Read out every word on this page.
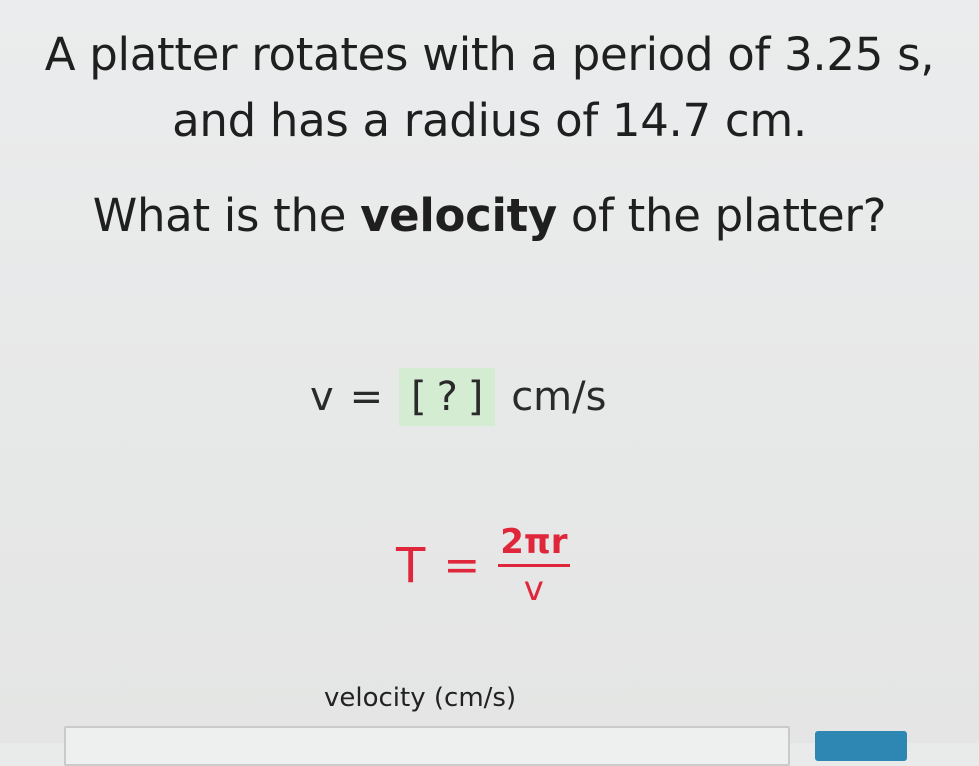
A platter rotates with a period of 3.25 s,
and has a radius of 14.7 cm.
What is the velocity of the platter?
v = [ ? ] cm/s
$T = \frac{2\pi r}{v}$
velocity (cm/s)
